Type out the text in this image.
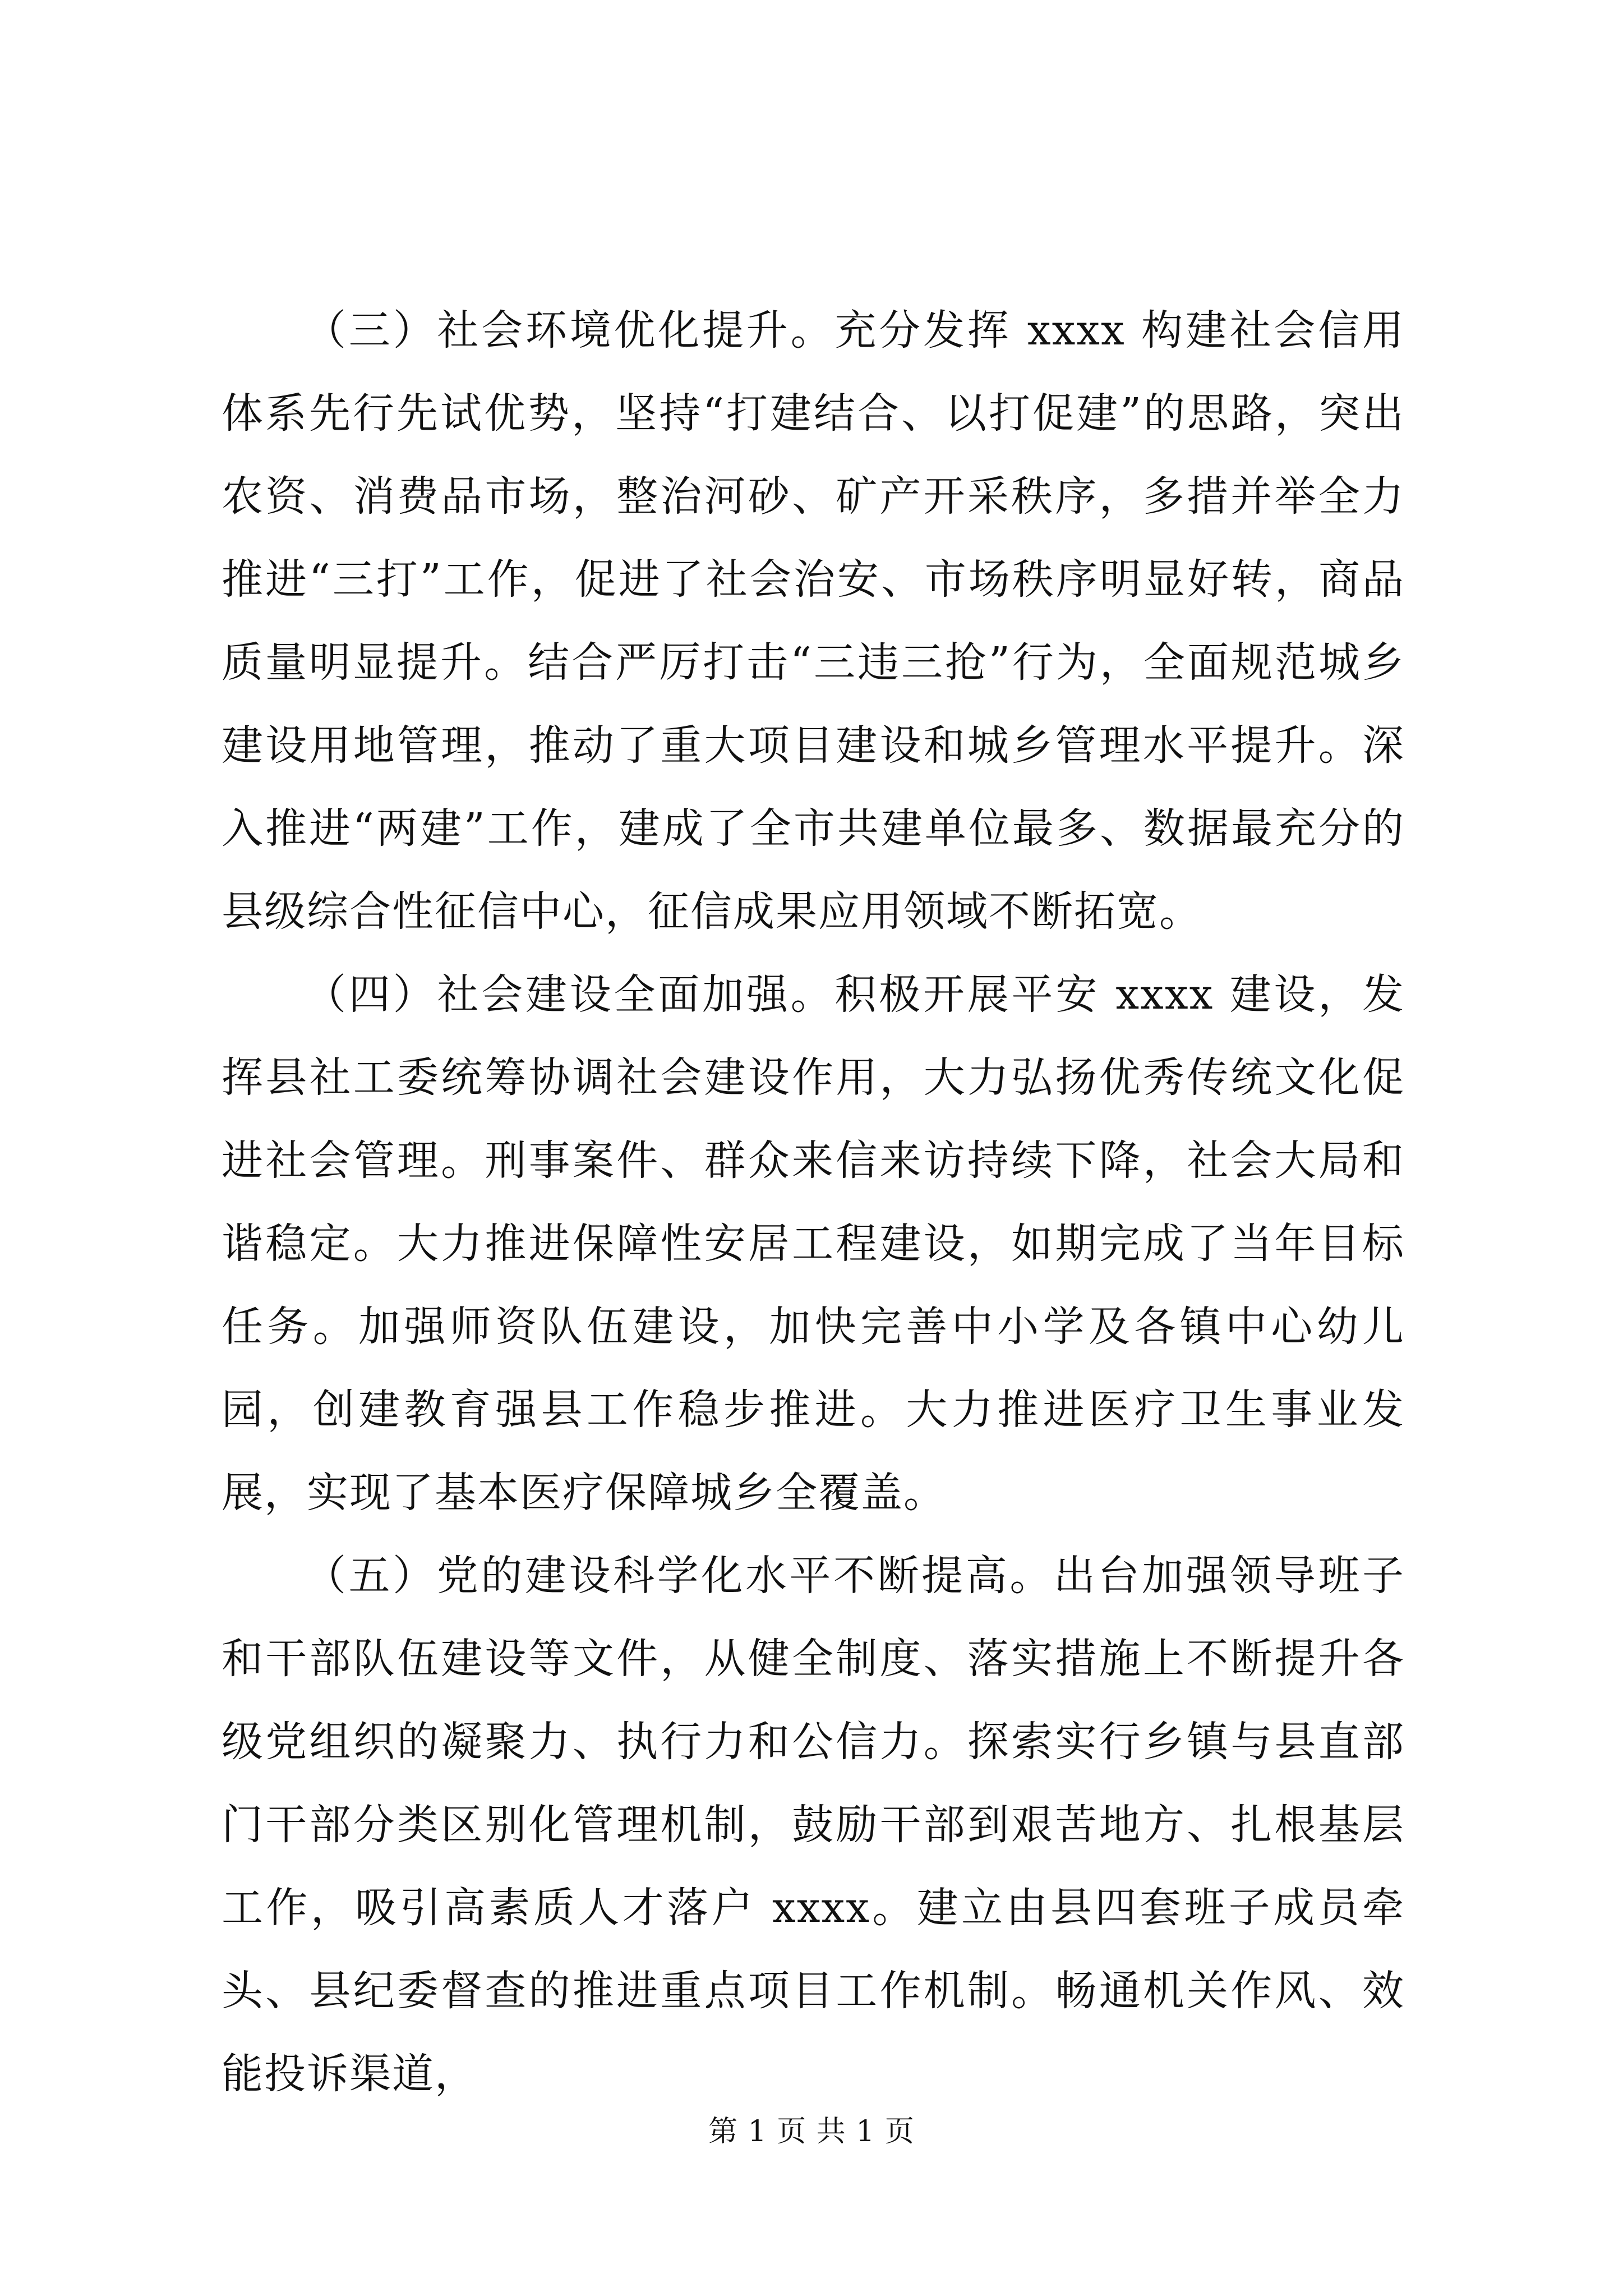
（三）社会环境优化提升。充分发挥 xxxx 构建社会信用体系先行先试优势，坚持“打建结合、以打促建”的思路，突出农资、消费品市场，整治河砂、矿产开采秩序，多措并举全力推进“三打”工作，促进了社会治安、市场秩序明显好转，商品质量明显提升。结合严厉打击“三违三抢”行为，全面规范城乡建设用地管理，推动了重大项目建设和城乡管理水平提升。深入推进“两建”工作，建成了全市共建单位最多、数据最充分的县级综合性征信中心，征信成果应用领域不断拓宽。

（四）社会建设全面加强。积极开展平安 xxxx 建设，发挥县社工委统筹协调社会建设作用，大力弘扬优秀传统文化促进社会管理。刑事案件、群众来信来访持续下降，社会大局和谐稳定。大力推进保障性安居工程建设，如期完成了当年目标任务。加强师资队伍建设，加快完善中小学及各镇中心幼儿园，创建教育强县工作稳步推进。大力推进医疗卫生事业发展，实现了基本医疗保障城乡全覆盖。

（五）党的建设科学化水平不断提高。出台加强领导班子和干部队伍建设等文件，从健全制度、落实措施上不断提升各级党组织的凝聚力、执行力和公信力。探索实行乡镇与县直部门干部分类区别化管理机制，鼓励干部到艰苦地方、扎根基层工作，吸引高素质人才落户 xxxx。建立由县四套班子成员牵头、县纪委督查的推进重点项目工作机制。畅通机关作风、效能投诉渠道，

第 1 页 共 1 页
